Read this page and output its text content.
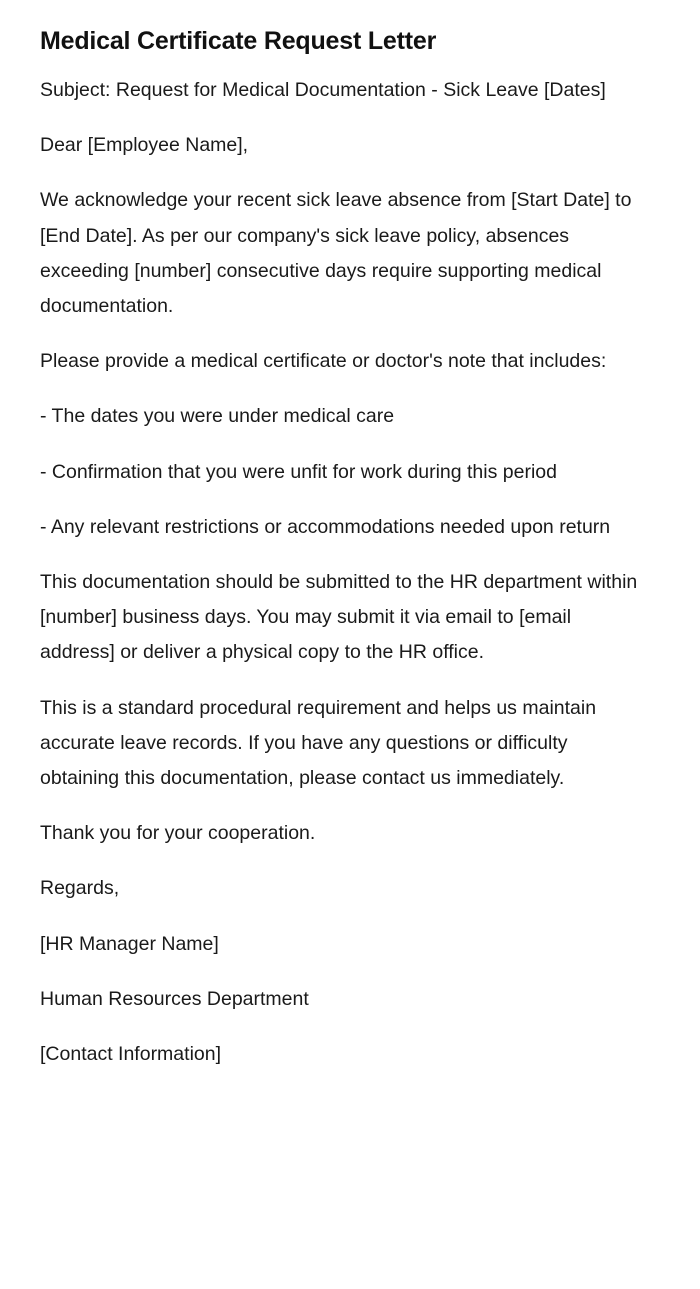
Medical Certificate Request Letter

Subject: Request for Medical Documentation - Sick Leave [Dates]

Dear [Employee Name],

We acknowledge your recent sick leave absence from [Start Date] to [End Date]. As per our company's sick leave policy, absences exceeding [number] consecutive days require supporting medical documentation.

Please provide a medical certificate or doctor's note that includes:

- The dates you were under medical care

- Confirmation that you were unfit for work during this period

- Any relevant restrictions or accommodations needed upon return

This documentation should be submitted to the HR department within [number] business days. You may submit it via email to [email address] or deliver a physical copy to the HR office.

This is a standard procedural requirement and helps us maintain accurate leave records. If you have any questions or difficulty obtaining this documentation, please contact us immediately.

Thank you for your cooperation.

Regards,

[HR Manager Name]

Human Resources Department

[Contact Information]
